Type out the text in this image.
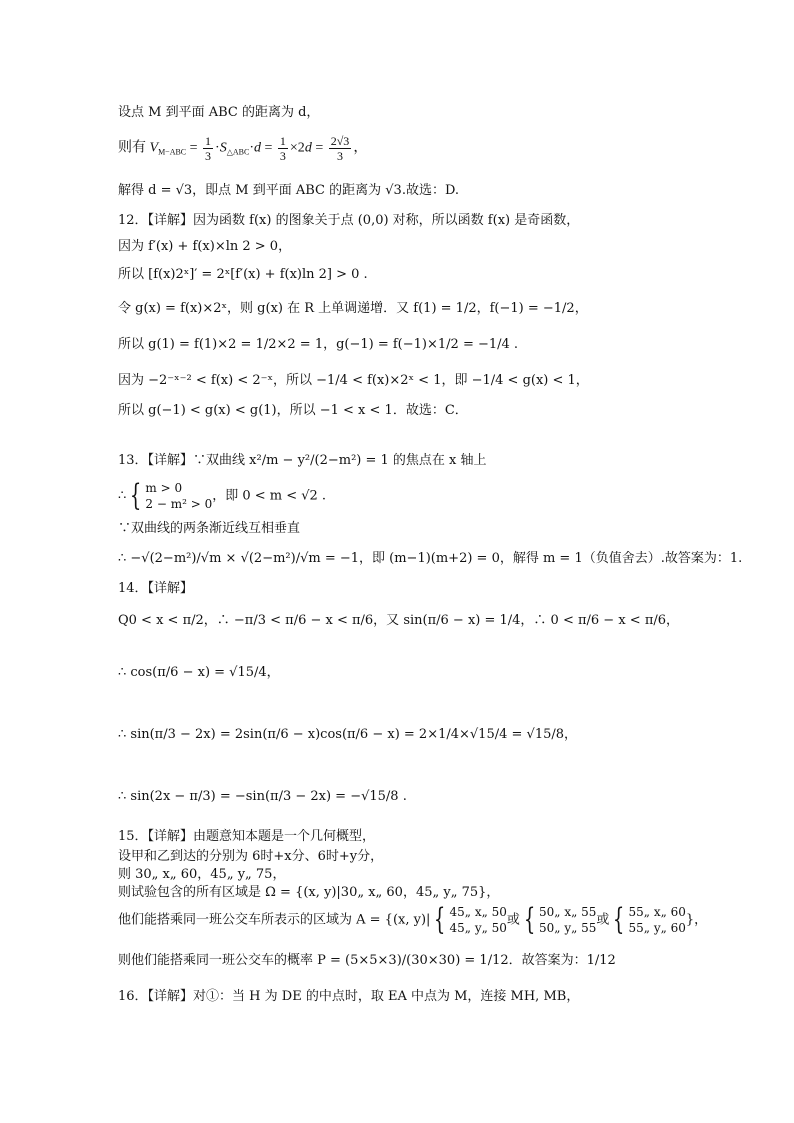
设点 M 到平面 ABC 的距离为 d，
则有 $V_{M-ABC} = \frac{1}{3} \cdot S_{\triangle ABC}\cdot d = \frac{1}{3} \times 2d = \frac{2√3}{3}$ ，
解得 d = √3，即点 M 到平面 ABC 的距离为 √3.故选：D.
12．【详解】因为函数 f(x) 的图象关于点 (0,0) 对称，所以函数 f(x) 是奇函数，
因为 f′(x) + f(x)×ln 2 > 0，
所以 [f(x)2ˣ]′ = 2ˣ[f′(x) + f(x)ln 2] > 0 .
令 g(x) = f(x)×2ˣ，则 g(x) 在 R 上单调递增．又 f(1) = 1/2，f(−1) = −1/2，
所以 g(1) = f(1)×2 = 1/2×2 = 1，g(−1) = f(−1)×1/2 = −1/4 .
因为 −2⁻ˣ⁻² < f(x) < 2⁻ˣ，所以 −1/4 < f(x)×2ˣ < 1，即 −1/4 < g(x) < 1，
所以 g(−1) < g(x) < g(1)，所以 −1 < x < 1．故选：C．
13．【详解】∵双曲线 x²/m − y²/(2−m²) = 1 的焦点在 x 轴上
∴ { m > 0
2 − m² > 0，即 0 < m < √2 .
∵双曲线的两条渐近线互相垂直
∴ −√(2−m²)/√m × √(2−m²)/√m = −1，即 (m−1)(m+2) = 0，解得 m = 1（负值舍去）.故答案为：1.
14．【详解】
Q0 < x < π/2，∴ −π/3 < π/6 − x < π/6，又 sin(π/6 − x) = 1/4，∴ 0 < π/6 − x < π/6，
∴ cos(π/6 − x) = √15/4，
∴ sin(π/3 − 2x) = 2sin(π/6 − x)cos(π/6 − x) = 2×1/4×√15/4 = √15/8，
∴ sin(2x − π/3) = −sin(π/3 − 2x) = −√15/8 .
15．【详解】由题意知本题是一个几何概型，
设甲和乙到达的分别为 6时+x分、6时+y分，
则 30„ x„ 60，45„ y„ 75，
则试验包含的所有区域是 Ω = {(x, y)|30„ x„ 60，45„ y„ 75}，
他们能搭乘同一班公交车所表示的区域为 A = {(x, y)| { 45„ x„ 50
45„ y„ 50或 { 50„ x„ 55
50„ y„ 55或 { 55„ x„ 60
55„ y„ 60}，
则他们能搭乘同一班公交车的概率 P = (5×5×3)/(30×30) = 1/12．故答案为：1/12
16．【详解】对①：当 H 为 DE 的中点时，取 EA 中点为 M，连接 MH, MB，
